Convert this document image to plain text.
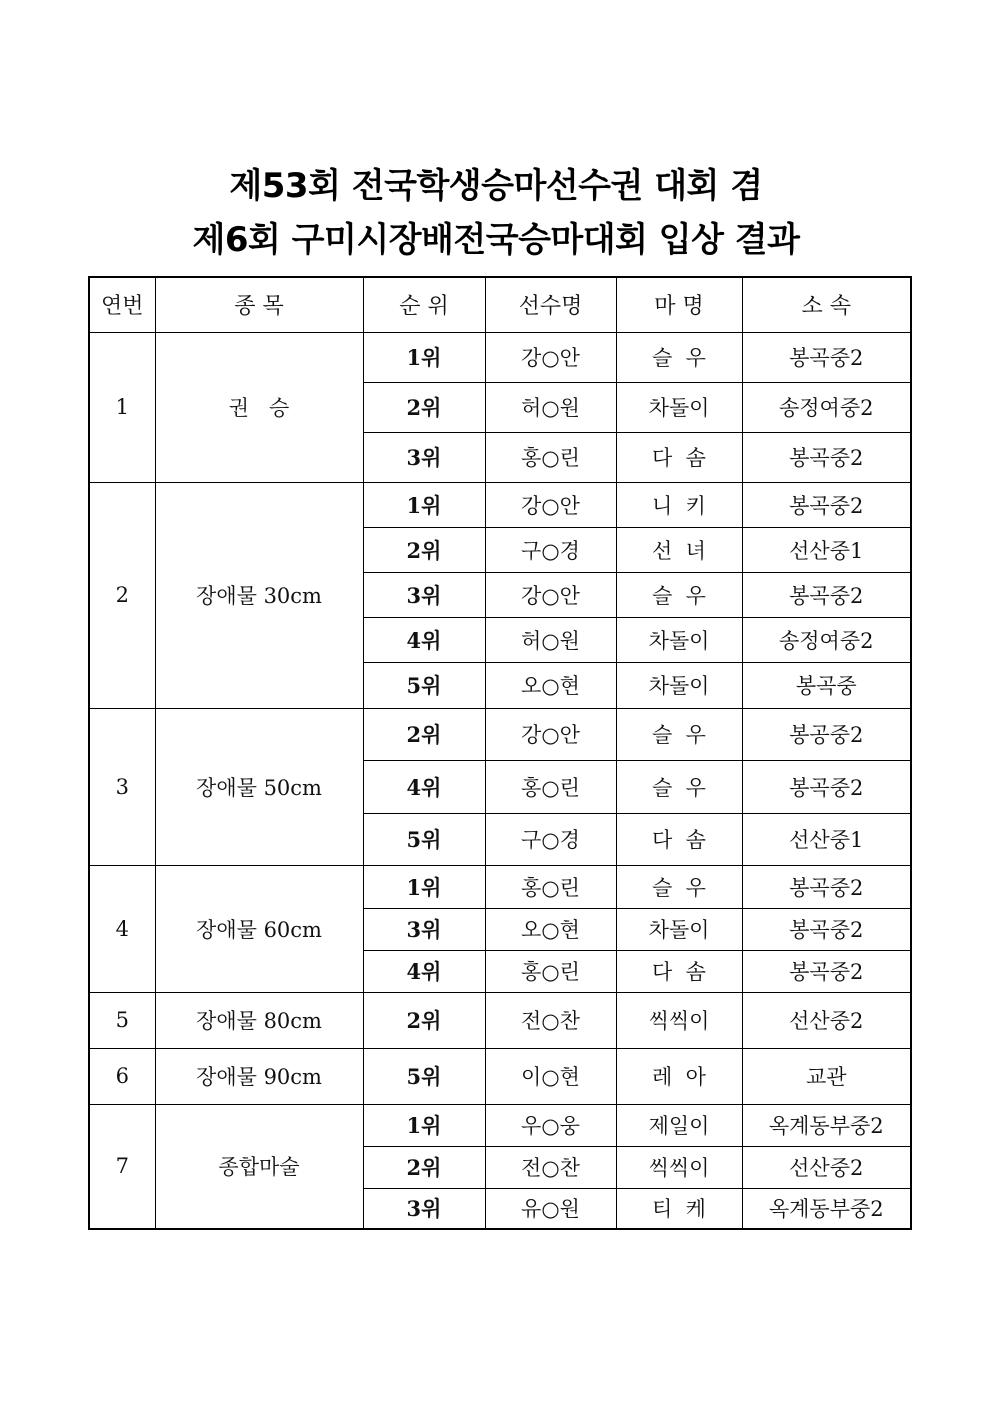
제53회 전국학생승마선수권 대회 겸
제6회 구미시장배전국승마대회 입상 결과
연번	종 목	순 위	선수명	마 명	소 속
1	권   승	1위	강○안	슬  우	봉곡중2
		2위	허○원	차돌이	송정여중2
		3위	홍○린	다  솜	봉곡중2
2	장애물 30cm	1위	강○안	니  키	봉곡중2
		2위	구○경	선  녀	선산중1
		3위	강○안	슬  우	봉곡중2
		4위	허○원	차돌이	송정여중2
		5위	오○현	차돌이	봉곡중
3	장애물 50cm	2위	강○안	슬  우	봉공중2
		4위	홍○린	슬  우	봉곡중2
		5위	구○경	다  솜	선산중1
4	장애물 60cm	1위	홍○린	슬  우	봉곡중2
		3위	오○현	차돌이	봉곡중2
		4위	홍○린	다  솜	봉곡중2
5	장애물 80cm	2위	전○찬	씩씩이	선산중2
6	장애물 90cm	5위	이○현	레  아	교관
7	종합마술	1위	우○웅	제일이	옥계동부중2
		2위	전○찬	씩씩이	선산중2
		3위	유○원	티  케	옥계동부중2
